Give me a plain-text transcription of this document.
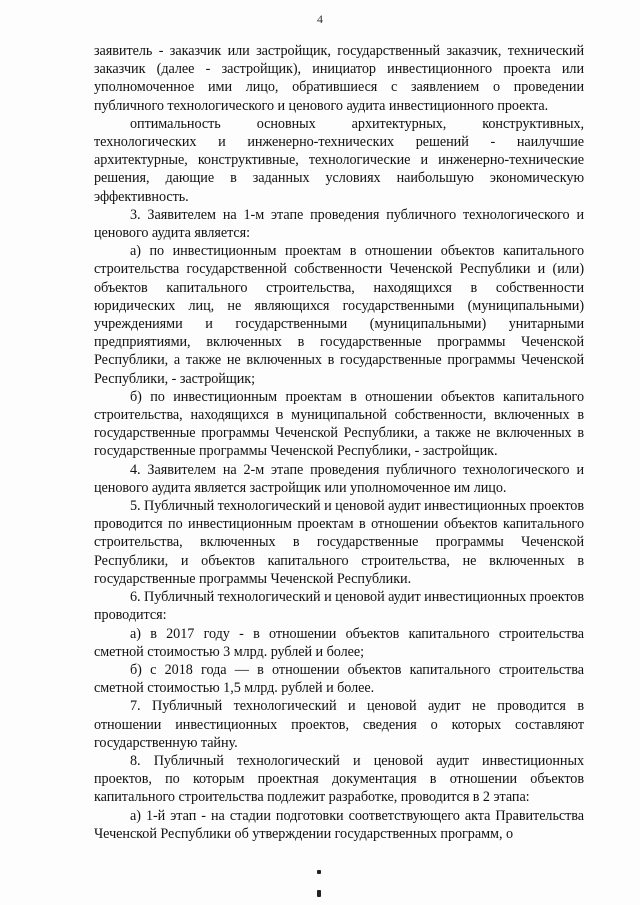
4

заявитель - заказчик или застройщик, государственный заказчик, технический заказчик (далее - застройщик), инициатор инвестиционного проекта или уполномоченное ими лицо, обратившиеся с заявлением о проведении публичного технологического и ценового аудита инвестиционного проекта.

оптимальность основных архитектурных, конструктивных, технологических и инженерно-технических решений - наилучшие архитектурные, конструктивные, технологические и инженерно-технические решения, дающие в заданных условиях наибольшую экономическую эффективность.

3. Заявителем на 1-м этапе проведения публичного технологического и ценового аудита является:

а) по инвестиционным проектам в отношении объектов капитального строительства государственной собственности Чеченской Республики и (или) объектов капитального строительства, находящихся в собственности юридических лиц, не являющихся государственными (муниципальными) учреждениями и государственными (муниципальными) унитарными предприятиями, включенных в государственные программы Чеченской Республики, а также не включенных в государственные программы Чеченской Республики, - застройщик;

б) по инвестиционным проектам в отношении объектов капитального строительства, находящихся в муниципальной собственности, включенных в государственные программы Чеченской Республики, а также не включенных в государственные программы Чеченской Республики, - застройщик.

4. Заявителем на 2-м этапе проведения публичного технологического и ценового аудита является застройщик или уполномоченное им лицо.

5. Публичный технологический и ценовой аудит инвестиционных проектов проводится по инвестиционным проектам в отношении объектов капитального строительства, включенных в государственные программы Чеченской Республики, и объектов капитального строительства, не включенных в государственные программы Чеченской Республики.

6. Публичный технологический и ценовой аудит инвестиционных проектов проводится:

а) в 2017 году - в отношении объектов капитального строительства сметной стоимостью 3 млрд. рублей и более;

б) с 2018 года — в отношении объектов капитального строительства сметной стоимостью 1,5 млрд. рублей и более.

7. Публичный технологический и ценовой аудит не проводится в отношении инвестиционных проектов, сведения о которых составляют государственную тайну.

8. Публичный технологический и ценовой аудит инвестиционных проектов, по которым проектная документация в отношении объектов капитального строительства подлежит разработке, проводится в 2 этапа:

а) 1-й этап - на стадии подготовки соответствующего акта Правительства Чеченской Республики об утверждении государственных программ, о
